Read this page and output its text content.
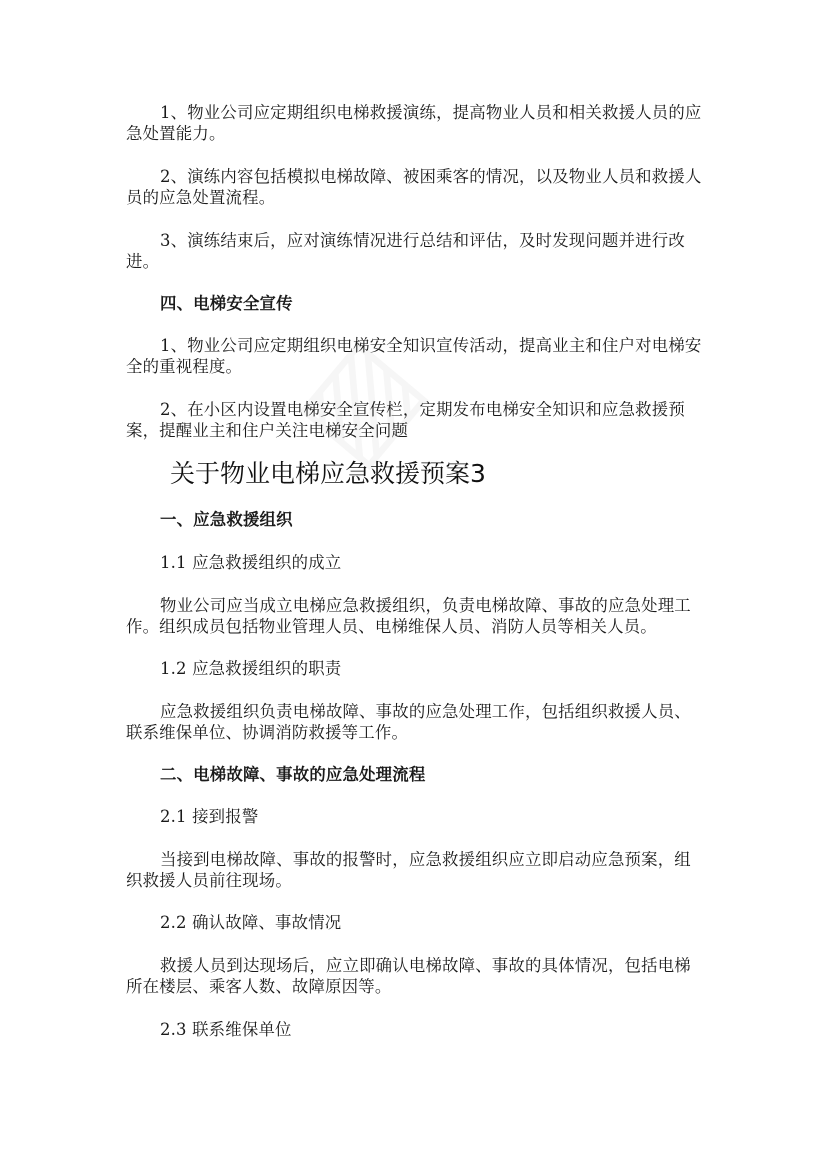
1、物业公司应定期组织电梯救援演练，提高物业人员和相关救援人员的应
急处置能力。
2、演练内容包括模拟电梯故障、被困乘客的情况，以及物业人员和救援人
员的应急处置流程。
3、演练结束后，应对演练情况进行总结和评估，及时发现问题并进行改
进。
四、电梯安全宣传
1、物业公司应定期组织电梯安全知识宣传活动，提高业主和住户对电梯安
全的重视程度。
2、在小区内设置电梯安全宣传栏，定期发布电梯安全知识和应急救援预
案，提醒业主和住户关注电梯安全问题
关于物业电梯应急救援预案3
一、应急救援组织
1.1 应急救援组织的成立
物业公司应当成立电梯应急救援组织，负责电梯故障、事故的应急处理工
作。组织成员包括物业管理人员、电梯维保人员、消防人员等相关人员。
1.2 应急救援组织的职责
应急救援组织负责电梯故障、事故的应急处理工作，包括组织救援人员、
联系维保单位、协调消防救援等工作。
二、电梯故障、事故的应急处理流程
2.1 接到报警
当接到电梯故障、事故的报警时，应急救援组织应立即启动应急预案，组
织救援人员前往现场。
2.2 确认故障、事故情况
救援人员到达现场后，应立即确认电梯故障、事故的具体情况，包括电梯
所在楼层、乘客人数、故障原因等。
2.3 联系维保单位
